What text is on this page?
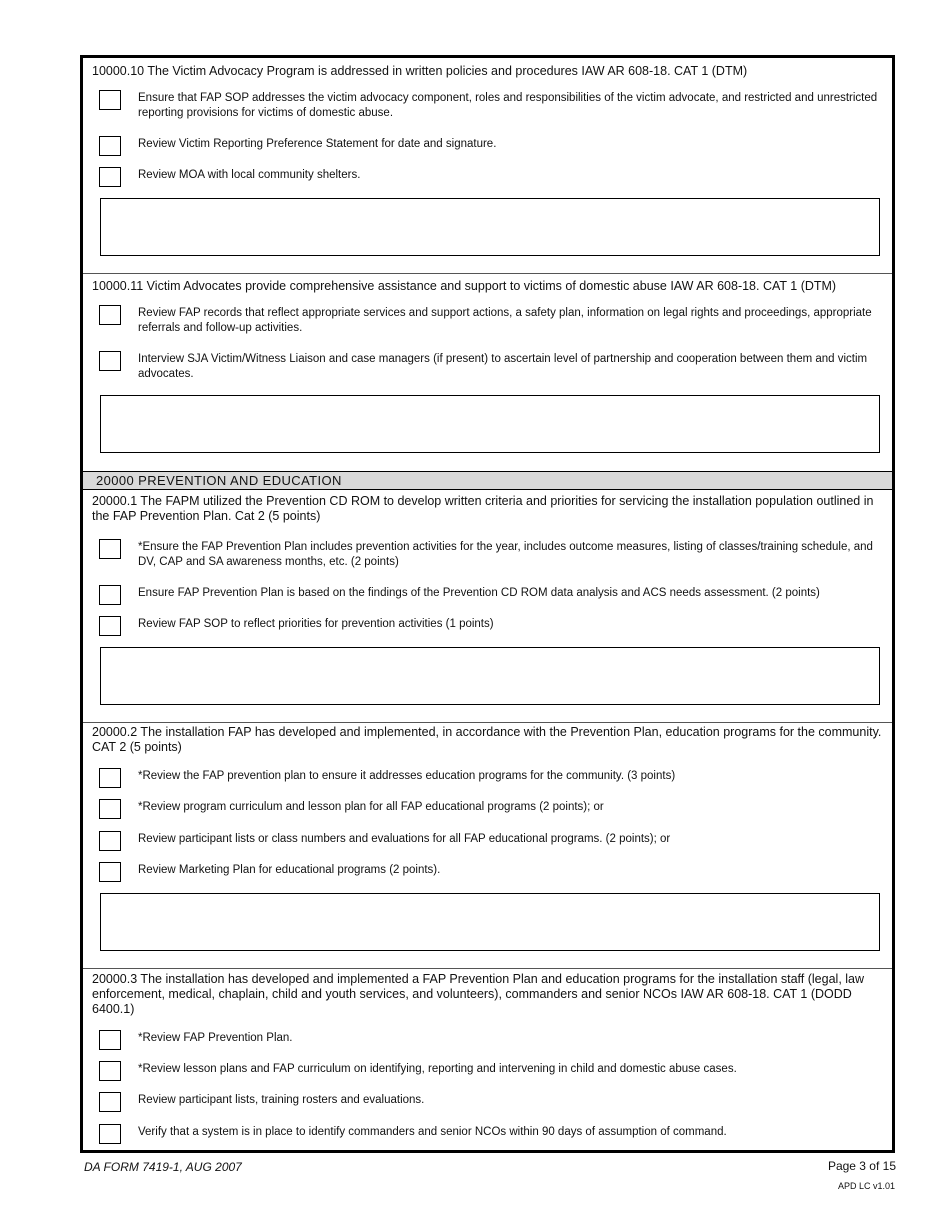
10000.10 The Victim Advocacy Program is addressed in written policies and procedures IAW AR 608-18. CAT 1 (DTM)
Ensure that FAP SOP addresses the victim advocacy component, roles and responsibilities of the victim advocate, and restricted and unrestricted reporting provisions for victims of domestic abuse.
Review Victim Reporting Preference Statement for date and signature.
Review MOA with local community shelters.
10000.11 Victim Advocates provide comprehensive assistance and support to victims of domestic abuse IAW AR 608-18. CAT 1 (DTM)
Review FAP records that reflect appropriate services and support actions, a safety plan, information on legal rights and proceedings, appropriate referrals and follow-up activities.
Interview SJA Victim/Witness Liaison and case managers (if present) to ascertain level of partnership and cooperation between them and victim advocates.
20000 PREVENTION AND EDUCATION
20000.1 The FAPM utilized the Prevention CD ROM to develop written criteria and priorities for servicing the installation population outlined in the FAP Prevention Plan. Cat 2 (5 points)
*Ensure the FAP Prevention Plan includes prevention activities for the year, includes outcome measures, listing of classes/training schedule, and DV, CAP and SA awareness months, etc. (2 points)
Ensure FAP Prevention Plan is based on the findings of the Prevention CD ROM data analysis and ACS needs assessment. (2 points)
Review FAP SOP to reflect priorities for prevention activities (1 points)
20000.2 The installation FAP has developed and implemented, in accordance with the Prevention Plan, education programs for the community. CAT 2 (5 points)
*Review the FAP prevention plan to ensure it addresses education programs for the community. (3 points)
*Review program curriculum and lesson plan for all FAP educational programs (2 points); or
Review participant lists or class numbers and evaluations for all FAP educational programs. (2 points); or
Review Marketing Plan for educational programs (2 points).
20000.3 The installation has developed and implemented a FAP Prevention Plan and education programs for the installation staff (legal, law enforcement, medical, chaplain, child and youth services, and volunteers), commanders and senior NCOs IAW AR 608-18. CAT 1 (DODD 6400.1)
*Review FAP Prevention Plan.
*Review lesson plans and FAP curriculum on identifying, reporting and intervening in child and domestic abuse cases.
Review participant lists, training rosters and evaluations.
Verify that a system is in place to identify commanders and senior NCOs within 90 days of assumption of command.
DA FORM 7419-1, AUG 2007	Page 3 of 15
APD LC v1.01
